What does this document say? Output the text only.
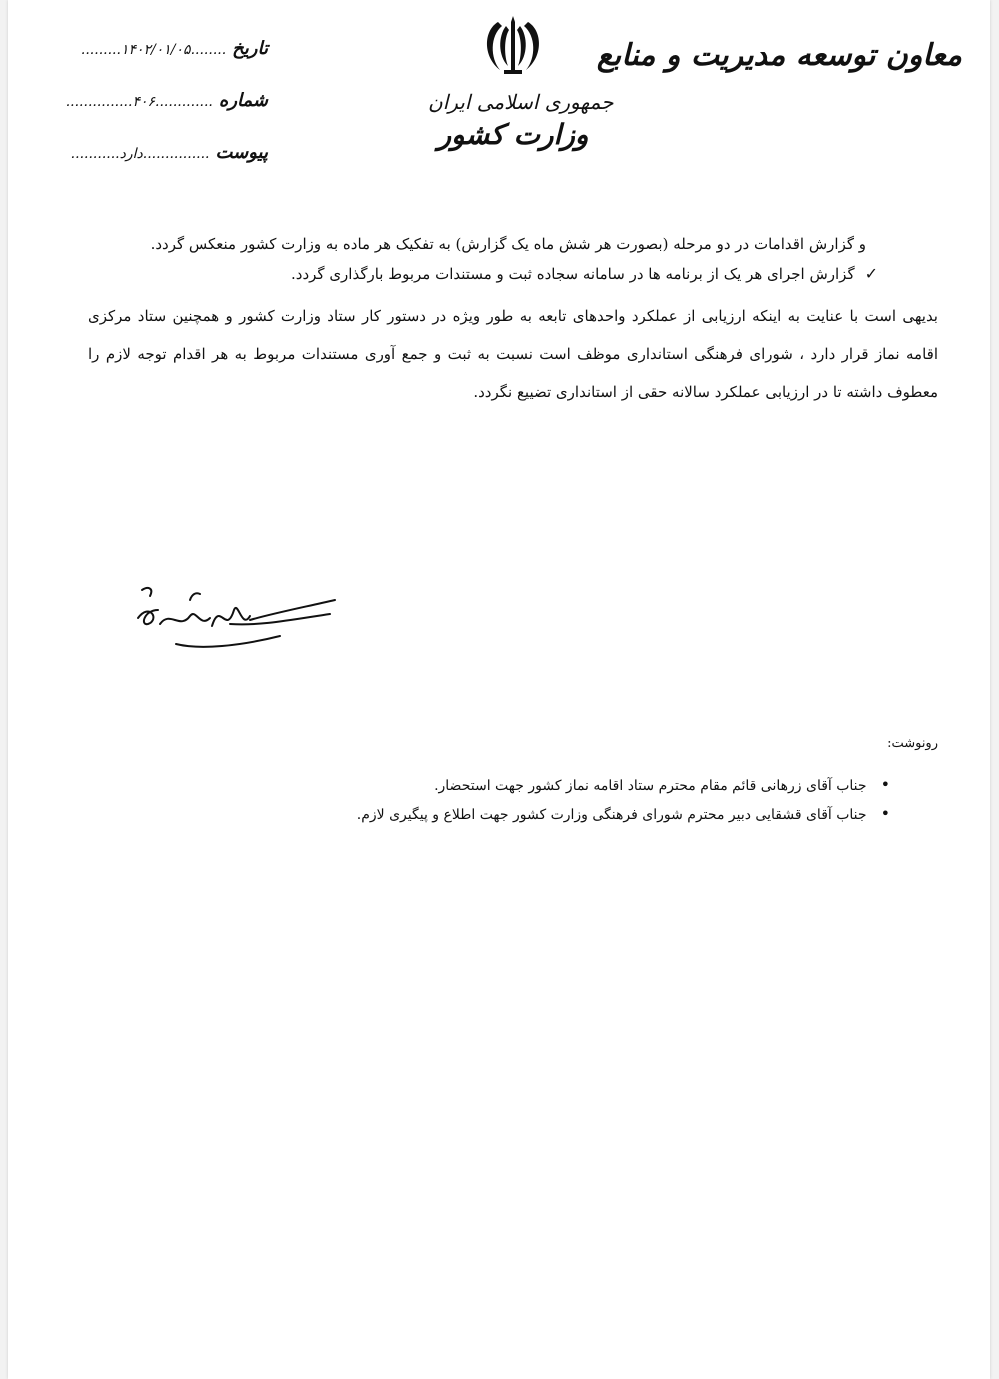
معاون توسعه مدیریت و منابع
جمهوری اسلامی ایران
وزارت کشور
تاریخ
........۱۴۰۲/۰۱/۰۵.........
شماره
.............۴۰۶...............
پیوست
...............دارد...........

و گزارش اقدامات در دو مرحله (بصورت هر شش ماه یک گزارش) به تفکیک هر ماده به وزارت کشور منعکس گردد.

✓
گزارش اجرای هر یک از برنامه ها در سامانه سجاده ثبت و مستندات مربوط بارگذاری گردد.

بدیهی است با عنایت به اینکه ارزیابی از عملکرد واحدهای تابعه به طور ویژه در دستور کار ستاد وزارت کشور و همچنین ستاد مرکزی اقامه نماز قرار دارد ، شورای فرهنگی استانداری موظف است نسبت به ثبت و جمع آوری مستندات مربوط به هر اقدام توجه لازم را معطوف داشته تا در ارزیابی عملکرد سالانه حقی از استانداری تضییع نگردد.

رونوشت:
•
جناب آقای زرهانی قائم مقام محترم ستاد اقامه نماز کشور جهت استحضار.
•
جناب آقای قشقایی دبیر محترم شورای فرهنگی وزارت کشور جهت اطلاع و پیگیری لازم.
